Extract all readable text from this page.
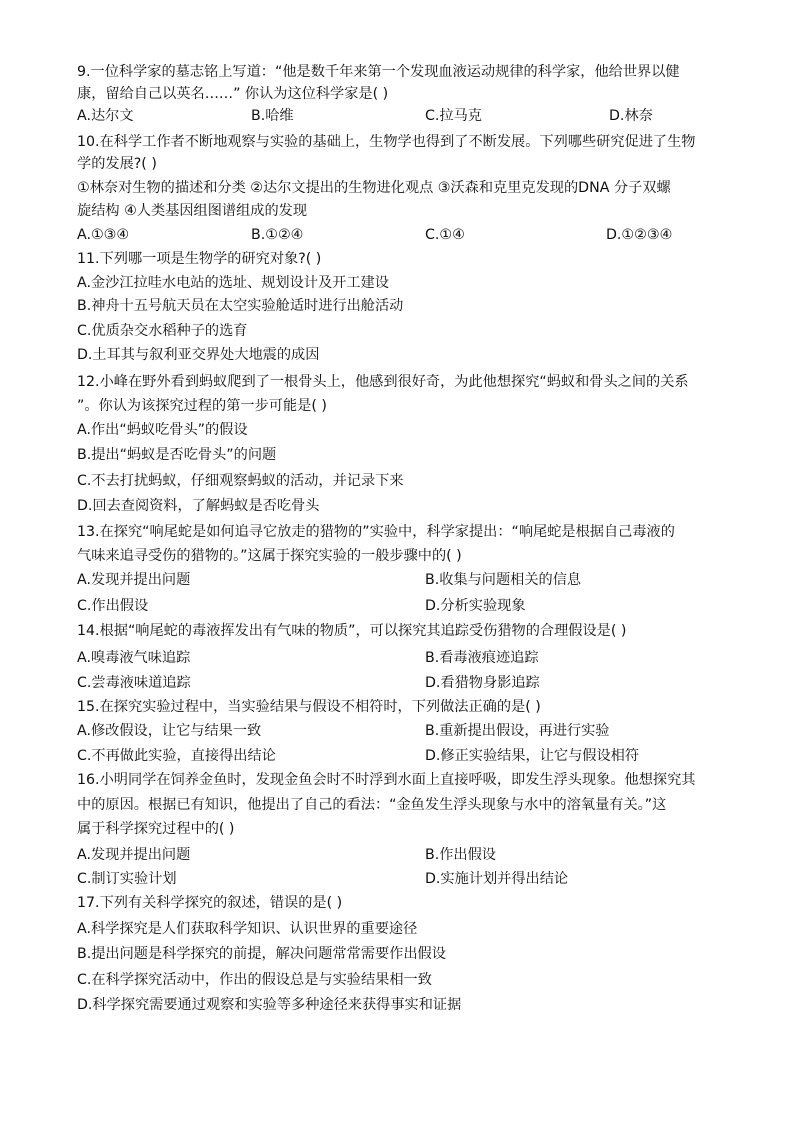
9.一位科学家的墓志铭上写道：“他是数千年来第一个发现血液运动规律的科学家，他给世界以健
康，留给自己以英名……” 你认为这位科学家是( )
A.达尔文	B.哈维	C.拉马克	D.林奈
10.在科学工作者不断地观察与实验的基础上，生物学也得到了不断发展。下列哪些研究促进了生物
学的发展?( )
①林奈对生物的描述和分类 ②达尔文提出的生物进化观点 ③沃森和克里克发现的DNA 分子双螺
旋结构 ④人类基因组图谱组成的发现
A.①③④	B.①②④	C.①④	D.①②③④
11.下列哪一项是生物学的研究对象?( )
A.金沙江拉哇水电站的选址、规划设计及开工建设
B.神舟十五号航天员在太空实验舱适时进行出舱活动
C.优质杂交水稻种子的选育
D.土耳其与叙利亚交界处大地震的成因
12.小峰在野外看到蚂蚁爬到了一根骨头上，他感到很好奇，为此他想探究“蚂蚁和骨头之间的关系
”。你认为该探究过程的第一步可能是( )
A.作出“蚂蚁吃骨头”的假设
B.提出“蚂蚁是否吃骨头”的问题
C.不去打扰蚂蚁，仔细观察蚂蚁的活动，并记录下来
D.回去查阅资料，了解蚂蚁是否吃骨头
13.在探究“响尾蛇是如何追寻它放走的猎物的”实验中，科学家提出：“响尾蛇是根据自己毒液的
气味来追寻受伤的猎物的。”这属于探究实验的一般步骤中的( )
A.发现并提出问题	B.收集与问题相关的信息
C.作出假设	D.分析实验现象
14.根据“响尾蛇的毒液挥发出有气味的物质”，可以探究其追踪受伤猎物的合理假设是( )
A.嗅毒液气味追踪	B.看毒液痕迹追踪
C.尝毒液味道追踪	D.看猎物身影追踪
15.在探究实验过程中，当实验结果与假设不相符时，下列做法正确的是( )
A.修改假设，让它与结果一致	B.重新提出假设，再进行实验
C.不再做此实验，直接得出结论	D.修正实验结果，让它与假设相符
16.小明同学在饲养金鱼时，发现金鱼会时不时浮到水面上直接呼吸，即发生浮头现象。他想探究其
中的原因。根据已有知识，他提出了自己的看法：“金鱼发生浮头现象与水中的溶氧量有关。”这
属于科学探究过程中的( )
A.发现并提出问题	B.作出假设
C.制订实验计划	D.实施计划并得出结论
17.下列有关科学探究的叙述，错误的是( )
A.科学探究是人们获取科学知识、认识世界的重要途径
B.提出问题是科学探究的前提，解决问题常常需要作出假设
C.在科学探究活动中，作出的假设总是与实验结果相一致
D.科学探究需要通过观察和实验等多种途径来获得事实和证据
